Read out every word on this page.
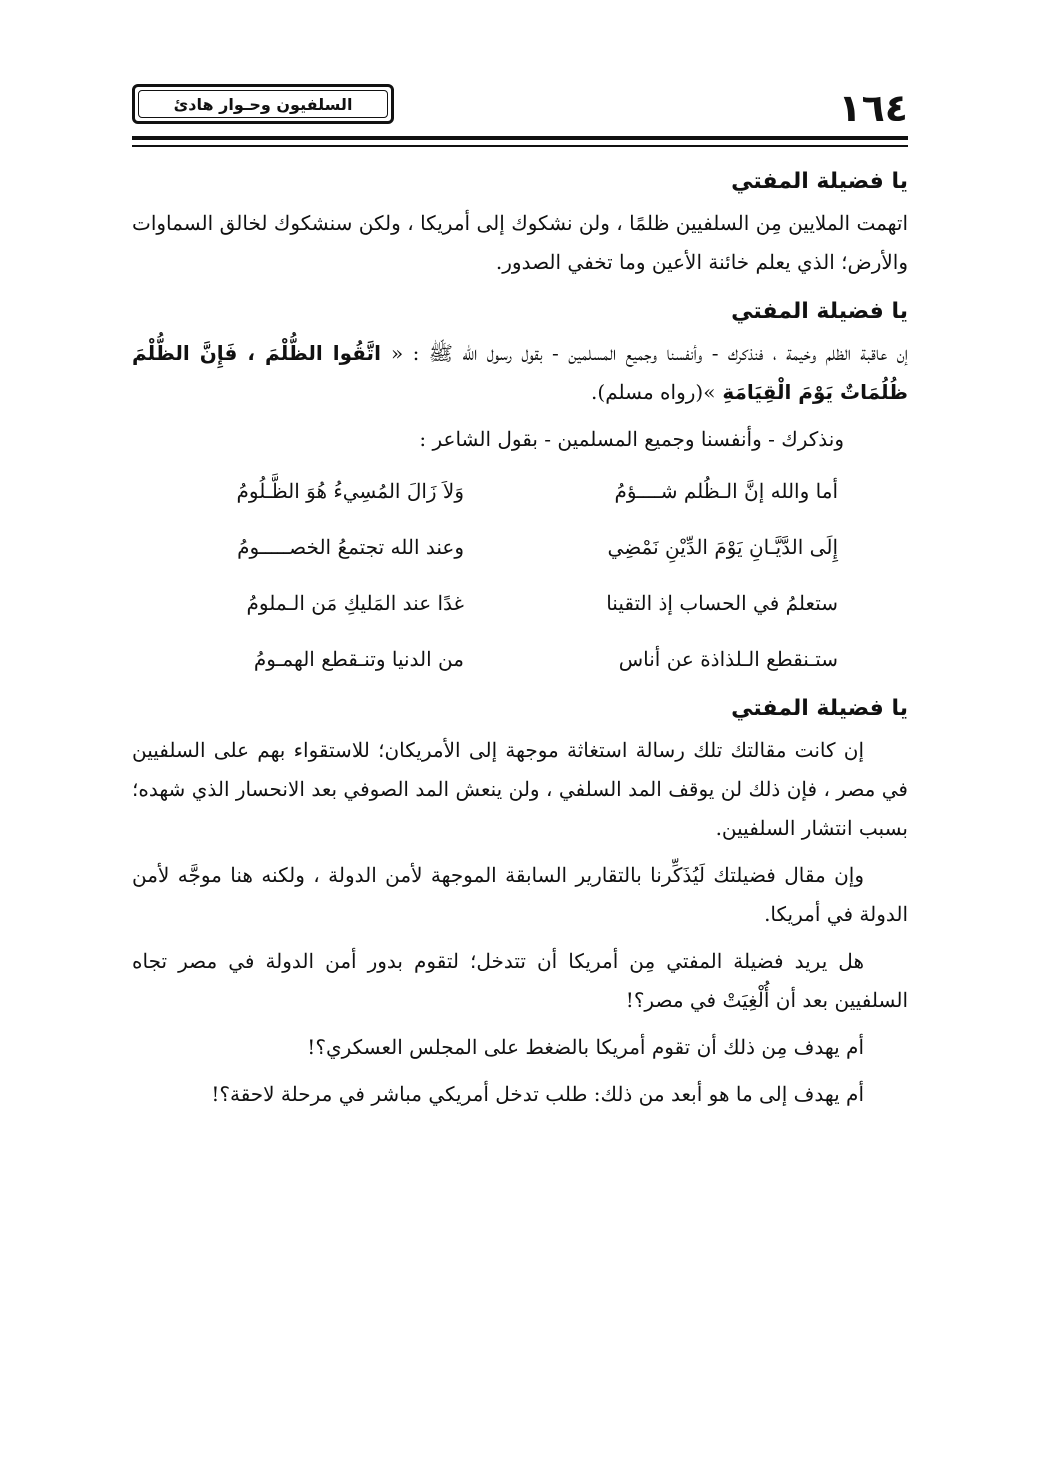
السلفيون وحـوار هادئ	١٦٤
يا فضيلة المفتي

اتهمت الملايين مِن السلفيين ظلمًا ، ولن نشكوك إلى أمريكا ، ولكن سنشكوك لخالق السماوات والأرض؛ الذي يعلم خائنة الأعين وما تخفي الصدور.

يا فضيلة المفتي

إن عاقبة الظلم وخيمة ، فنذكرك - وأنفسنا وجميع المسلمين - بقول رسول الله ﷺ : « اتَّقُوا الظُّلْمَ ، فَإِنَّ الظُّلْمَ ظُلُمَاتٌ يَوْمَ الْقِيَامَةِ »(رواه مسلم).

ونذكرك - وأنفسنا وجميع المسلمين - بقول الشاعر :
أما والله إنَّ الـظُلم شــــؤمُ
وَلاَ زَالَ المُسِيءُ هُوَ الظَّـلُومُ
إِلَى الدَّيَّـانِ يَوْمَ الدِّيْنِ نَمْضِي
وعند الله تجتمعُ الخصـــــومُ
ستعلمُ في الحساب إذ التقينا
غدًا عند المَليكِ مَن الـملومُ
ستـنقطع الـلذاذة عن أناس
من الدنيا وتنـقطع الهمـومُ
يا فضيلة المفتي

إن كانت مقالتك تلك رسالة استغاثة موجهة إلى الأمريكان؛ للاستقواء بهم على السلفيين في مصر ، فإن ذلك لن يوقف المد السلفي ، ولن ينعش المد الصوفي بعد الانحسار الذي شهده؛ بسبب انتشار السلفيين.

وإن مقال فضيلتك لَيُذَكِّرنا بالتقارير السابقة الموجهة لأمن الدولة ، ولكنه هنا موجَّه لأمن الدولة في أمريكا.

هل يريد فضيلة المفتي مِن أمريكا أن تتدخل؛ لتقوم بدور أمن الدولة في مصر تجاه السلفيين بعد أن أُلْغِيَتْ في مصر؟!

أم يهدف مِن ذلك أن تقوم أمريكا بالضغط على المجلس العسكري؟!

أم يهدف إلى ما هو أبعد من ذلك: طلب تدخل أمريكي مباشر في مرحلة لاحقة؟!
